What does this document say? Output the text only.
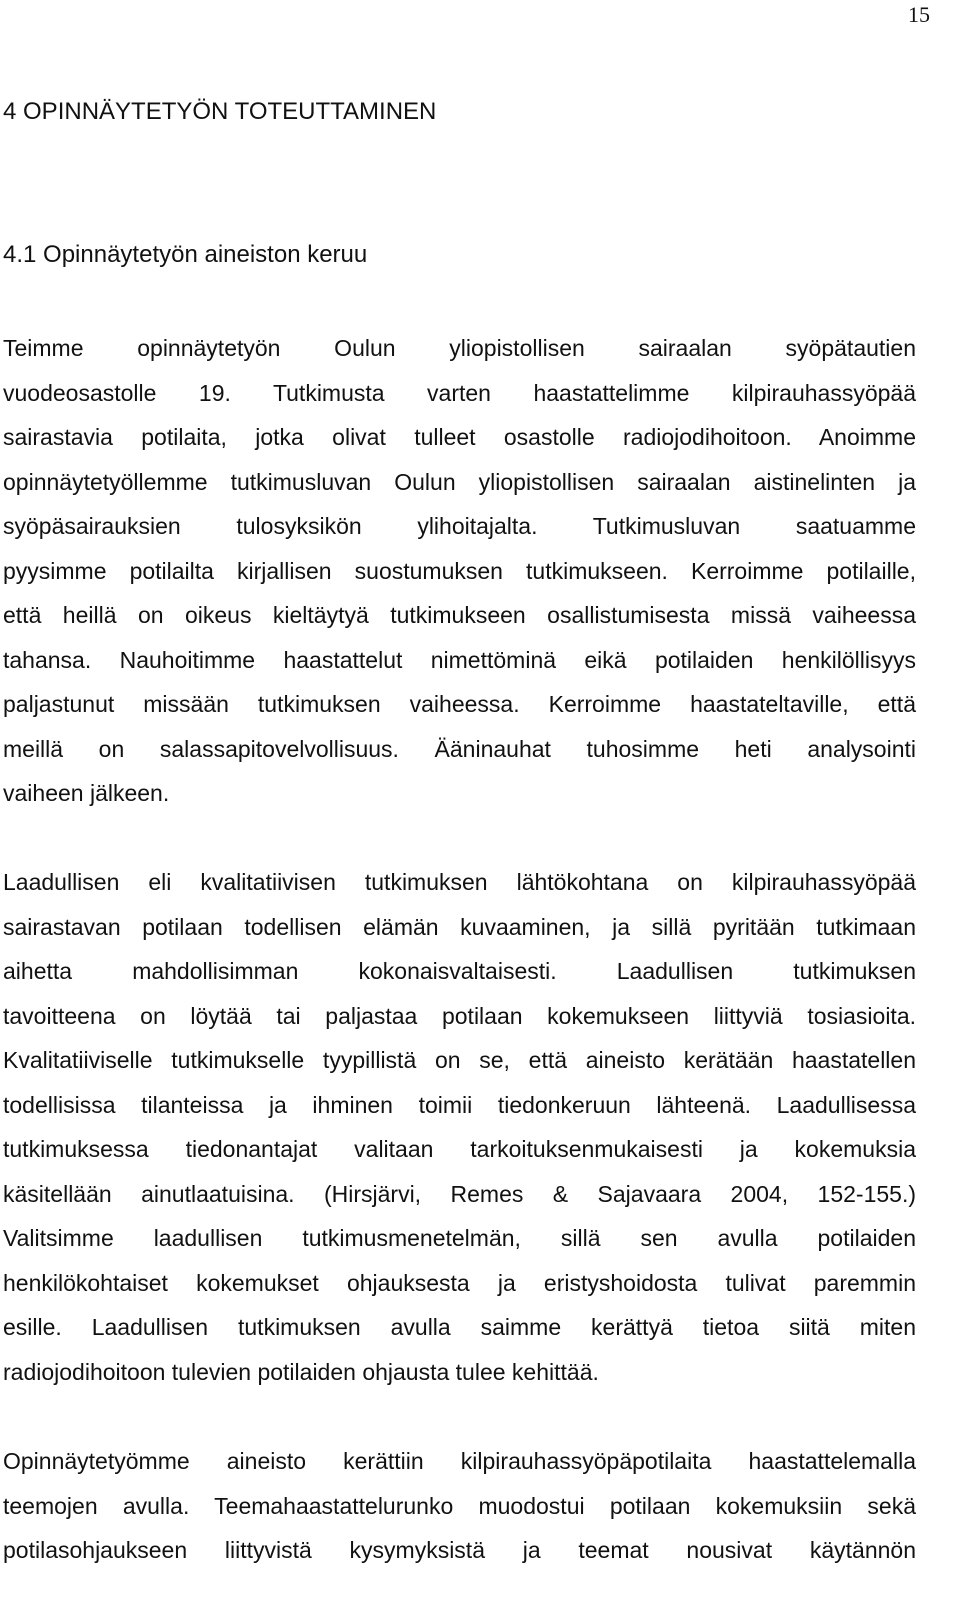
15
4 OPINNÄYTETYÖN TOTEUTTAMINEN
4.1 Opinnäytetyön aineiston keruu
Teimme opinnäytetyön Oulun yliopistollisen sairaalan syöpätautien
vuodeosastolle 19. Tutkimusta varten haastattelimme kilpirauhassyöpää
sairastavia potilaita, jotka olivat tulleet osastolle radiojodihoitoon. Anoimme
opinnäytetyöllemme tutkimusluvan Oulun yliopistollisen sairaalan aistinelinten ja
syöpäsairauksien tulosyksikön ylihoitajalta. Tutkimusluvan saatuamme
pyysimme potilailta kirjallisen suostumuksen tutkimukseen. Kerroimme potilaille,
että heillä on oikeus kieltäytyä tutkimukseen osallistumisesta missä vaiheessa
tahansa. Nauhoitimme haastattelut nimettöminä eikä potilaiden henkilöllisyys
paljastunut missään tutkimuksen vaiheessa. Kerroimme haastateltaville, että
meillä on salassapitovelvollisuus. Ääninauhat tuhosimme heti analysointi
vaiheen jälkeen.
Laadullisen eli kvalitatiivisen tutkimuksen lähtökohtana on kilpirauhassyöpää
sairastavan potilaan todellisen elämän kuvaaminen, ja sillä pyritään tutkimaan
aihetta mahdollisimman kokonaisvaltaisesti. Laadullisen tutkimuksen
tavoitteena on löytää tai paljastaa potilaan kokemukseen liittyviä tosiasioita.
Kvalitatiiviselle tutkimukselle tyypillistä on se, että aineisto kerätään haastatellen
todellisissa tilanteissa ja ihminen toimii tiedonkeruun lähteenä. Laadullisessa
tutkimuksessa tiedonantajat valitaan tarkoituksenmukaisesti ja kokemuksia
käsitellään ainutlaatuisina. (Hirsjärvi, Remes & Sajavaara 2004, 152-155.)
Valitsimme laadullisen tutkimusmenetelmän, sillä sen avulla potilaiden
henkilökohtaiset kokemukset ohjauksesta ja eristyshoidosta tulivat paremmin
esille. Laadullisen tutkimuksen avulla saimme kerättyä tietoa siitä miten
radiojodihoitoon tulevien potilaiden ohjausta tulee kehittää.
Opinnäytetyömme aineisto kerättiin kilpirauhassyöpäpotilaita haastattelemalla
teemojen avulla. Teemahaastattelurunko muodostui potilaan kokemuksiin sekä
potilasohjaukseen liittyvistä kysymyksistä ja teemat nousivat käytännön
